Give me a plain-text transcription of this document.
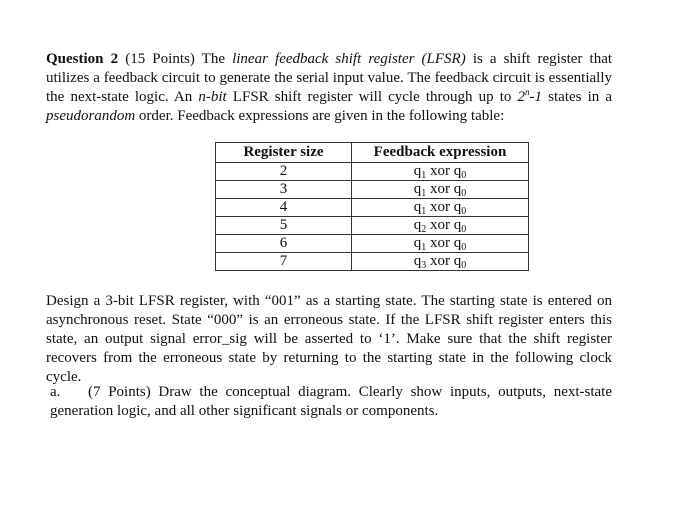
Question 2 (15 Points) The linear feedback shift register (LFSR) is a shift register that utilizes a feedback circuit to generate the serial input value. The feedback circuit is essentially the next-state logic. An n-bit LFSR shift register will cycle through up to 2$^n$-1 states in a pseudorandom order. Feedback expressions are given in the following table:

Register size	Feedback expression
2	$q_1$ xor $q_0$
3	$q_1$ xor $q_0$
4	$q_1$ xor $q_0$
5	$q_2$ xor $q_0$
6	$q_1$ xor $q_0$
7	$q_3$ xor $q_0$

Design a 3-bit LFSR register, with “001” as a starting state. The starting state is entered on asynchronous reset. State “000” is an erroneous state. If the LFSR shift register enters this state, an output signal error_sig will be asserted to ‘1’. Make sure that the shift register recovers from the erroneous state by returning to the starting state in the following clock cycle.

a. (7 Points) Draw the conceptual diagram. Clearly show inputs, outputs, next-state generation logic, and all other significant signals or components.
